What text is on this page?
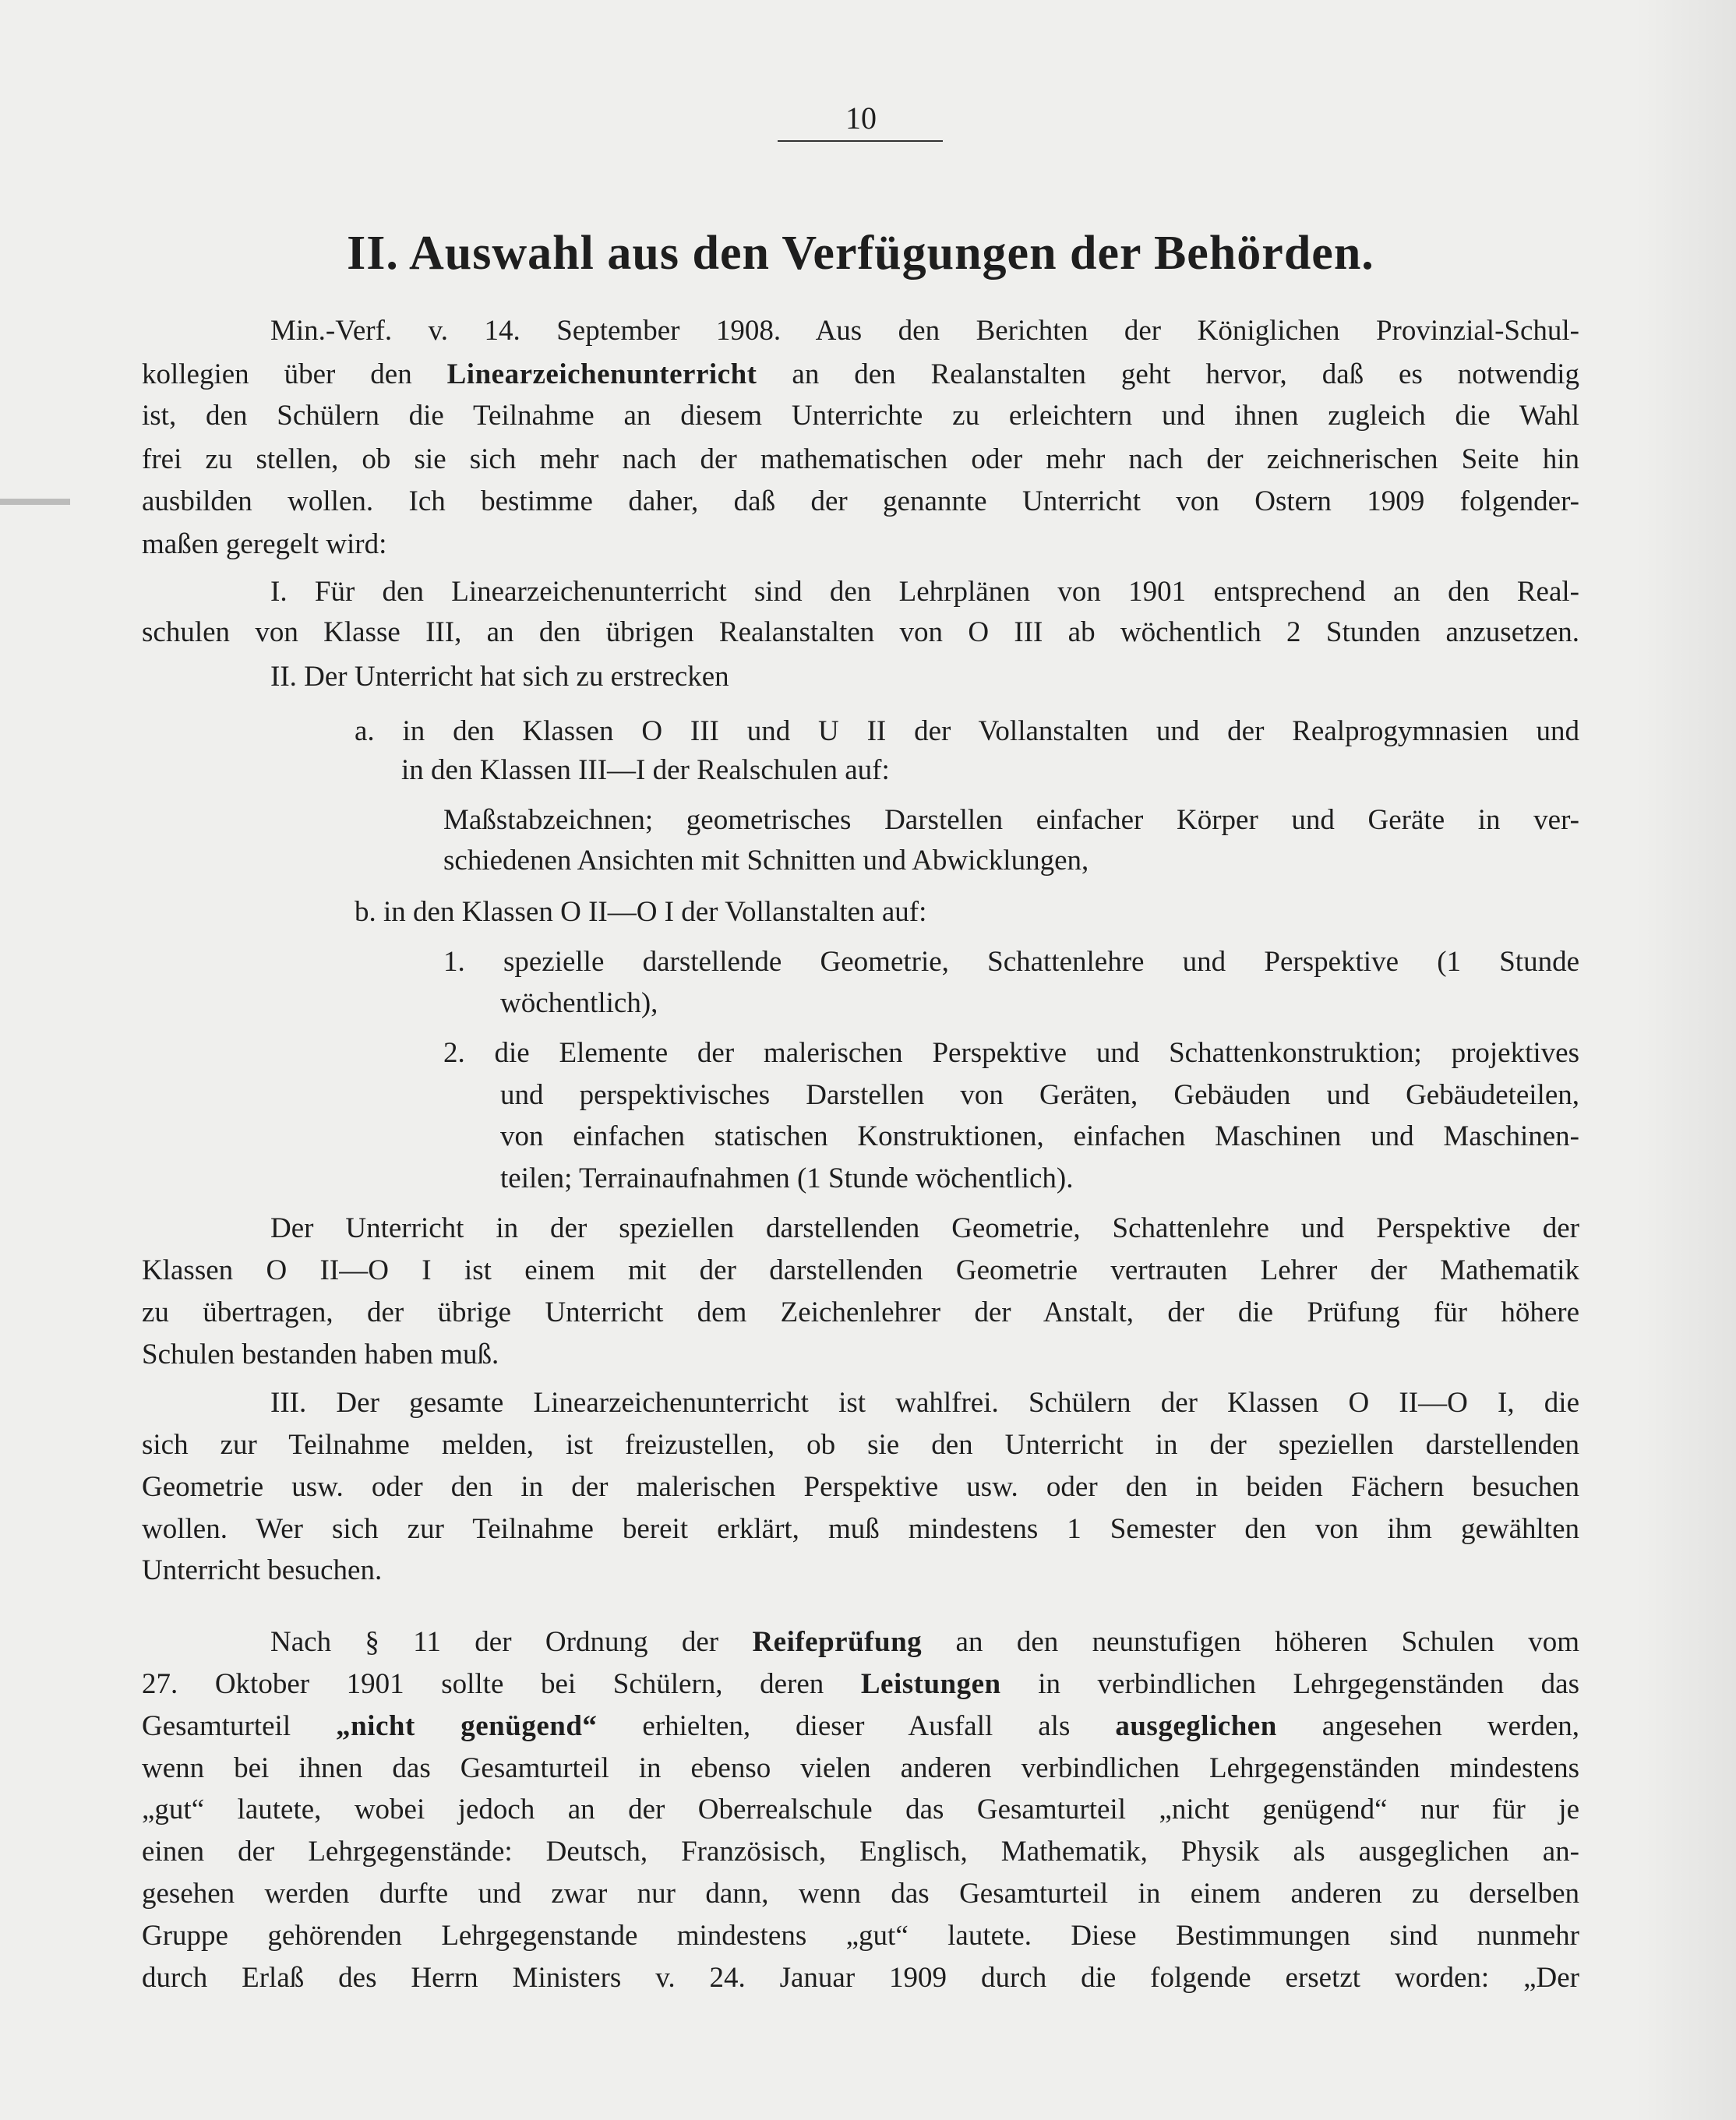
10
II. Auswahl aus den Verfügungen der Behörden.
Min.-Verf. v. 14. September 1908. Aus den Berichten der Königlichen Provinzial-Schul-
kollegien über den Linearzeichenunterricht an den Realanstalten geht hervor, daß es notwendig
ist, den Schülern die Teilnahme an diesem Unterrichte zu erleichtern und ihnen zugleich die Wahl
frei zu stellen, ob sie sich mehr nach der mathematischen oder mehr nach der zeichnerischen Seite hin
ausbilden wollen. Ich bestimme daher, daß der genannte Unterricht von Ostern 1909 folgender-
maßen geregelt wird:
I. Für den Linearzeichenunterricht sind den Lehrplänen von 1901 entsprechend an den Real-
schulen von Klasse III, an den übrigen Realanstalten von O III ab wöchentlich 2 Stunden anzusetzen.
II. Der Unterricht hat sich zu erstrecken
a. in den Klassen O III und U II der Vollanstalten und der Realprogymnasien und
in den Klassen III—I der Realschulen auf:
Maßstabzeichnen; geometrisches Darstellen einfacher Körper und Geräte in ver-
schiedenen Ansichten mit Schnitten und Abwicklungen,
b. in den Klassen O II—O I der Vollanstalten auf:
1. spezielle darstellende Geometrie, Schattenlehre und Perspektive (1 Stunde
wöchentlich),
2. die Elemente der malerischen Perspektive und Schattenkonstruktion; projektives
und perspektivisches Darstellen von Geräten, Gebäuden und Gebäudeteilen,
von einfachen statischen Konstruktionen, einfachen Maschinen und Maschinen-
teilen; Terrainaufnahmen (1 Stunde wöchentlich).
Der Unterricht in der speziellen darstellenden Geometrie, Schattenlehre und Perspektive der
Klassen O II—O I ist einem mit der darstellenden Geometrie vertrauten Lehrer der Mathematik
zu übertragen, der übrige Unterricht dem Zeichenlehrer der Anstalt, der die Prüfung für höhere
Schulen bestanden haben muß.
III. Der gesamte Linearzeichenunterricht ist wahlfrei. Schülern der Klassen O II—O I, die
sich zur Teilnahme melden, ist freizustellen, ob sie den Unterricht in der speziellen darstellenden
Geometrie usw. oder den in der malerischen Perspektive usw. oder den in beiden Fächern besuchen
wollen. Wer sich zur Teilnahme bereit erklärt, muß mindestens 1 Semester den von ihm gewählten
Unterricht besuchen.
Nach § 11 der Ordnung der Reifeprüfung an den neunstufigen höheren Schulen vom
27. Oktober 1901 sollte bei Schülern, deren Leistungen in verbindlichen Lehrgegenständen das
Gesamturteil „nicht genügend“ erhielten, dieser Ausfall als ausgeglichen angesehen werden,
wenn bei ihnen das Gesamturteil in ebenso vielen anderen verbindlichen Lehrgegenständen mindestens
„gut“ lautete, wobei jedoch an der Oberrealschule das Gesamturteil „nicht genügend“ nur für je
einen der Lehrgegenstände: Deutsch, Französisch, Englisch, Mathematik, Physik als ausgeglichen an-
gesehen werden durfte und zwar nur dann, wenn das Gesamturteil in einem anderen zu derselben
Gruppe gehörenden Lehrgegenstande mindestens „gut“ lautete. Diese Bestimmungen sind nunmehr
durch Erlaß des Herrn Ministers v. 24. Januar 1909 durch die folgende ersetzt worden: „Der
